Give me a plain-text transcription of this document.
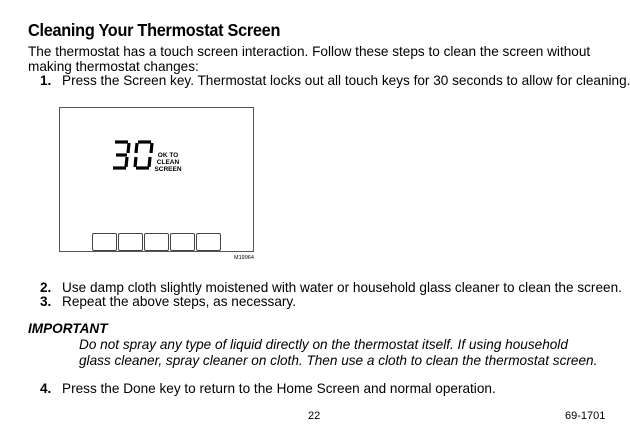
Cleaning Your Thermostat Screen
The thermostat has a touch screen interaction. Follow these steps to clean the screen without making thermostat changes:
1. Press the Screen key. Thermostat locks out all touch keys for 30 seconds to allow for cleaning.
OK TO
CLEAN
SCREEN
M19964
2. Use damp cloth slightly moistened with water or household glass cleaner to clean the screen.
3. Repeat the above steps, as necessary.
IMPORTANT
Do not spray any type of liquid directly on the thermostat itself. If using household glass cleaner, spray cleaner on cloth. Then use a cloth to clean the thermostat screen.
4. Press the Done key to return to the Home Screen and normal operation.
22	69-1701
